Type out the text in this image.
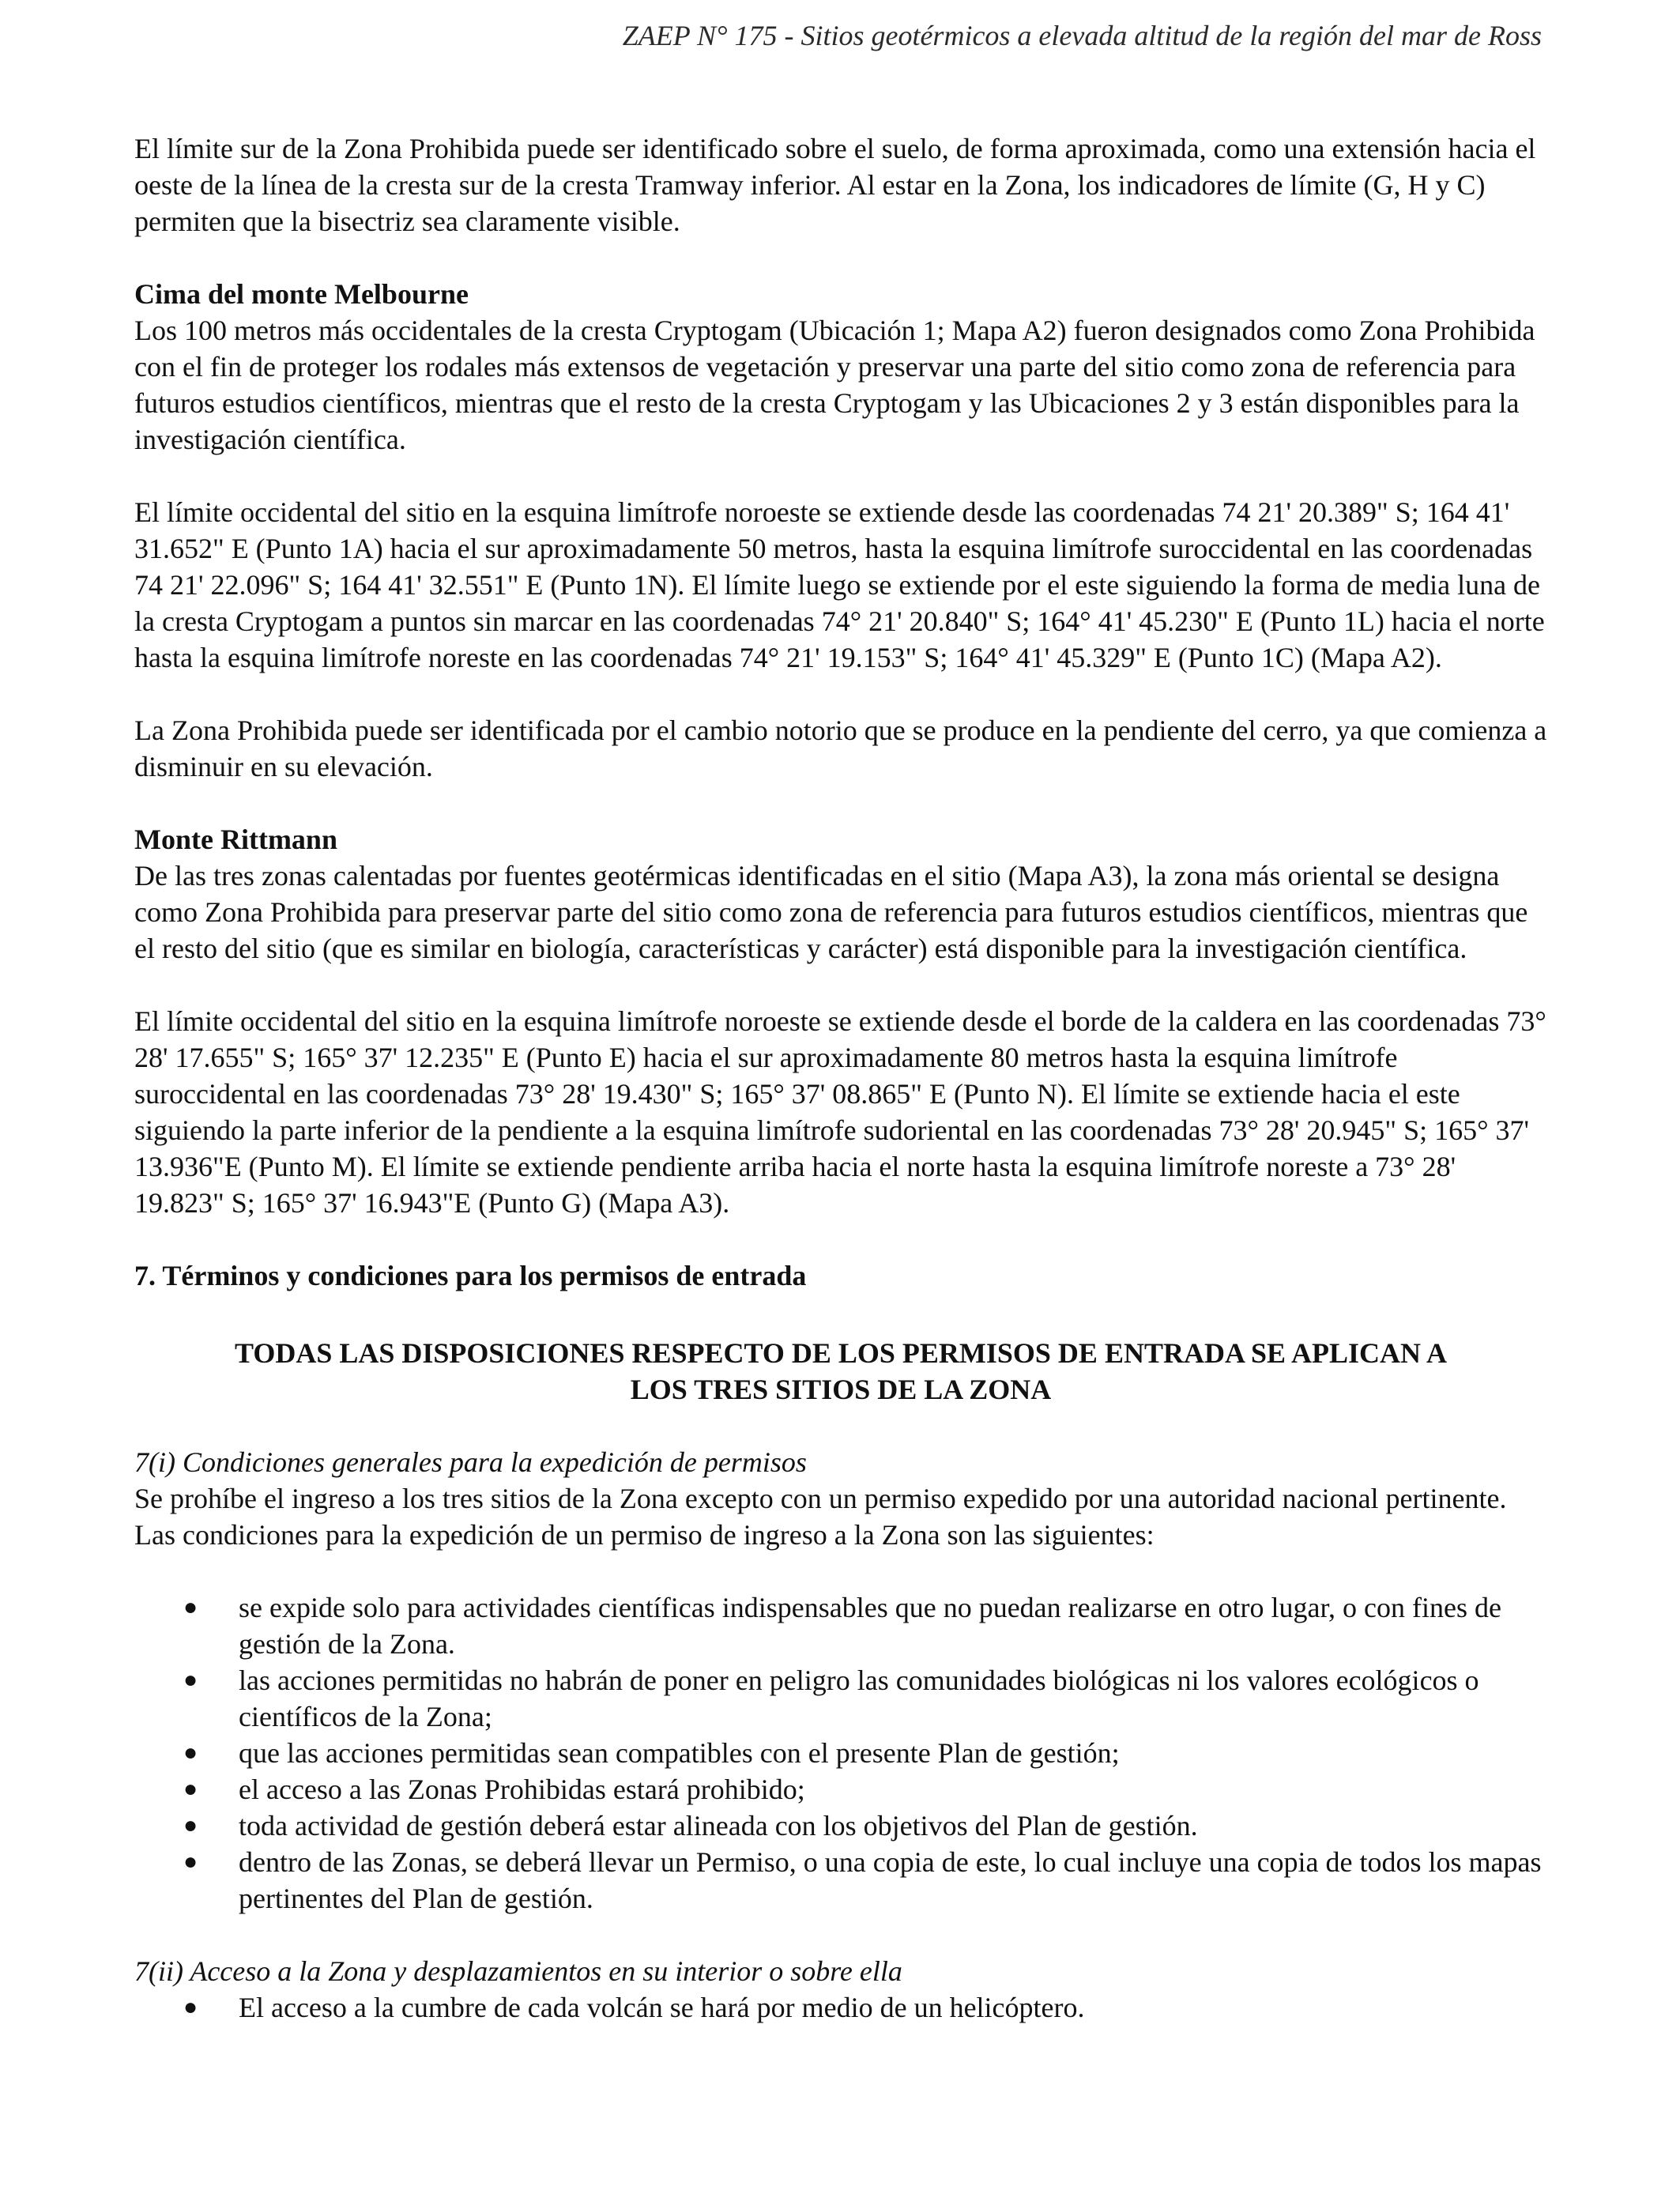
ZAEP N° 175 - Sitios geotérmicos a elevada altitud de la región del mar de Ross

El límite sur de la Zona Prohibida puede ser identificado sobre el suelo, de forma aproximada, como una extensión hacia el oeste de la línea de la cresta sur de la cresta Tramway inferior. Al estar en la Zona, los indicadores de límite (G, H y C) permiten que la bisectriz sea claramente visible.

Cima del monte Melbourne

Los 100 metros más occidentales de la cresta Cryptogam (Ubicación 1; Mapa A2) fueron designados como Zona Prohibida con el fin de proteger los rodales más extensos de vegetación y preservar una parte del sitio como zona de referencia para futuros estudios científicos, mientras que el resto de la cresta Cryptogam y las Ubicaciones 2 y 3 están disponibles para la investigación científica.

El límite occidental del sitio en la esquina limítrofe noroeste se extiende desde las coordenadas 74 21' 20.389" S; 164 41' 31.652" E (Punto 1A) hacia el sur aproximadamente 50 metros, hasta la esquina limítrofe suroccidental en las coordenadas 74 21' 22.096" S; 164 41' 32.551" E (Punto 1N). El límite luego se extiende por el este siguiendo la forma de media luna de la cresta Cryptogam a puntos sin marcar en las coordenadas 74° 21' 20.840" S; 164° 41' 45.230" E (Punto 1L) hacia el norte hasta la esquina limítrofe noreste en las coordenadas 74° 21' 19.153" S; 164° 41' 45.329" E (Punto 1C) (Mapa A2).

La Zona Prohibida puede ser identificada por el cambio notorio que se produce en la pendiente del cerro, ya que comienza a disminuir en su elevación.

Monte Rittmann

De las tres zonas calentadas por fuentes geotérmicas identificadas en el sitio (Mapa A3), la zona más oriental se designa como Zona Prohibida para preservar parte del sitio como zona de referencia para futuros estudios científicos, mientras que el resto del sitio (que es similar en biología, características y carácter) está disponible para la investigación científica.

El límite occidental del sitio en la esquina limítrofe noroeste se extiende desde el borde de la caldera en las coordenadas 73° 28' 17.655" S; 165° 37' 12.235" E (Punto E) hacia el sur aproximadamente 80 metros hasta la esquina limítrofe suroccidental en las coordenadas 73° 28' 19.430" S; 165° 37' 08.865" E (Punto N). El límite se extiende hacia el este siguiendo la parte inferior de la pendiente a la esquina limítrofe sudoriental en las coordenadas 73° 28' 20.945" S; 165° 37' 13.936"E (Punto M). El límite se extiende pendiente arriba hacia el norte hasta la esquina limítrofe noreste a 73° 28' 19.823" S; 165° 37' 16.943"E (Punto G) (Mapa A3).

7. Términos y condiciones para los permisos de entrada

TODAS LAS DISPOSICIONES RESPECTO DE LOS PERMISOS DE ENTRADA SE APLICAN A
LOS TRES SITIOS DE LA ZONA

7(i) Condiciones generales para la expedición de permisos

Se prohíbe el ingreso a los tres sitios de la Zona excepto con un permiso expedido por una autoridad nacional pertinente. Las condiciones para la expedición de un permiso de ingreso a la Zona son las siguientes:

● se expide solo para actividades científicas indispensables que no puedan realizarse en otro lugar, o con fines de gestión de la Zona.
● las acciones permitidas no habrán de poner en peligro las comunidades biológicas ni los valores ecológicos o científicos de la Zona;
● que las acciones permitidas sean compatibles con el presente Plan de gestión;
● el acceso a las Zonas Prohibidas estará prohibido;
● toda actividad de gestión deberá estar alineada con los objetivos del Plan de gestión.
● dentro de las Zonas, se deberá llevar un Permiso, o una copia de este, lo cual incluye una copia de todos los mapas pertinentes del Plan de gestión.

7(ii) Acceso a la Zona y desplazamientos en su interior o sobre ella

● El acceso a la cumbre de cada volcán se hará por medio de un helicóptero.
